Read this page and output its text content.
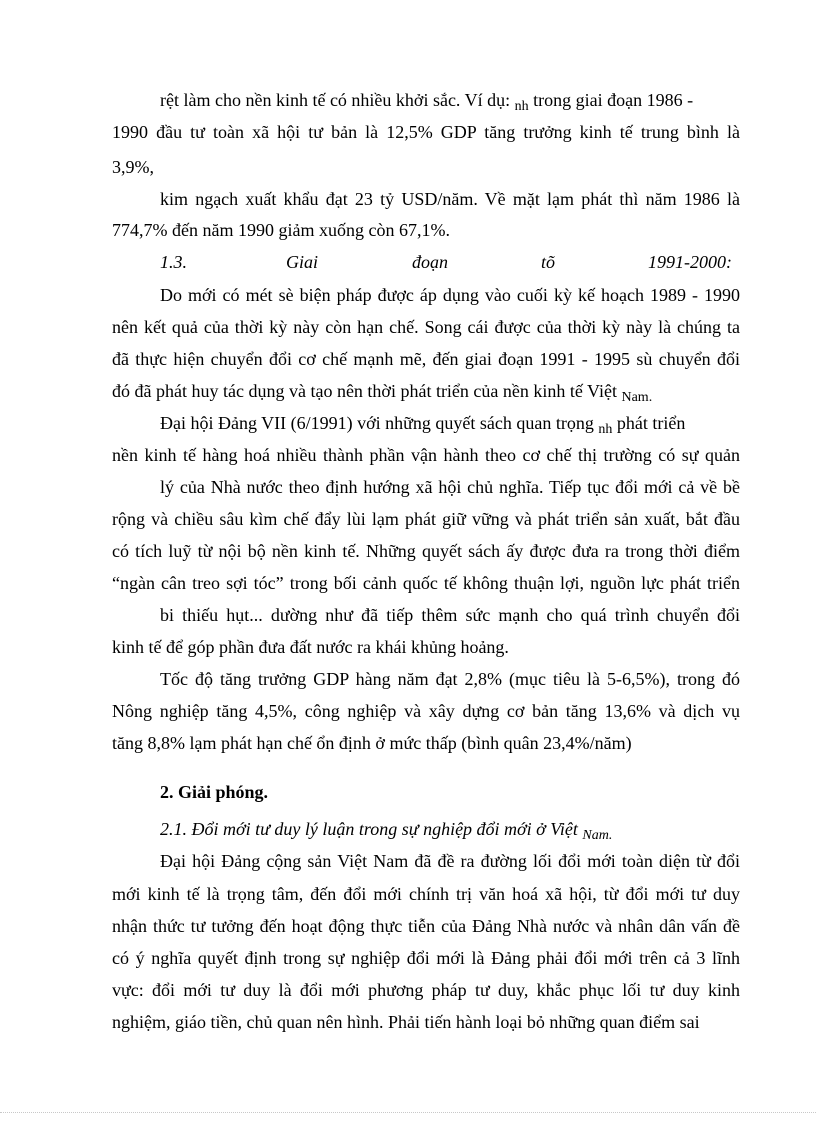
rệt làm cho nền kinh tế có nhiều khởi sắc. Ví dụ: $_{nh}$ trong giai đoạn 1986 -
1990 đầu tư toàn xã hội tư bản là 12,5% GDP tăng trưởng kinh tế trung bình là
3,9%,
kim ngạch xuất khẩu đạt 23 tỷ USD/năm. Về mặt lạm phát thì năm 1986 là
774,7% đến năm 1990 giảm xuống còn 67,1%.
1.3.	Giai	đoạn	tõ	1991-2000:
Do mới có mét sè biện pháp được áp dụng vào cuối kỳ kế hoạch 1989 - 1990
nên kết quả của thời kỳ này còn hạn chế. Song cái được của thời kỳ này là chúng ta
đã thực hiện chuyển đổi cơ chế mạnh mẽ, đến giai đoạn 1991 - 1995 sù chuyển đổi
đó đã phát huy tác dụng và tạo nên thời phát triển của nền kinh tế Việt $_{Nam.}$
Đại hội Đảng VII (6/1991) với những quyết sách quan trọng $_{nh}$ phát triển
nền kinh tế hàng hoá nhiều thành phần vận hành theo cơ chế thị trường có sự quản
lý của Nhà nước theo định hướng xã hội chủ nghĩa. Tiếp tục đổi mới cả về bề
rộng và chiều sâu kìm chế đẩy lùi lạm phát giữ vững và phát triển sản xuất, bắt đầu
có tích luỹ từ nội bộ nền kinh tế. Những quyết sách ấy được đưa ra trong thời điểm
“ngàn cân treo sợi tóc” trong bối cảnh quốc tế không thuận lợi, nguồn lực phát triển
bi thiếu hụt... dường như đã tiếp thêm sức mạnh cho quá trình chuyển đổi
kinh tế để góp phần đưa đất nước ra khái khủng hoảng.
Tốc độ tăng trưởng GDP hàng năm đạt 2,8% (mục tiêu là 5-6,5%), trong đó
Nông nghiệp tăng 4,5%, công nghiệp và xây dựng cơ bản tăng 13,6% và dịch vụ
tăng 8,8% lạm phát hạn chế ổn định ở mức thấp (bình quân 23,4%/năm)
2. Giải phóng.
2.1. Đổi mới tư duy lý luận trong sự nghiệp đổi mới ở Việt $_{Nam.}$
Đại hội Đảng cộng sản Việt Nam đã đề ra đường lối đổi mới toàn diện từ đổi
mới kinh tế là trọng tâm, đến đổi mới chính trị văn hoá xã hội, từ đổi mới tư duy
nhận thức tư tưởng đến hoạt động thực tiễn của Đảng Nhà nước và nhân dân vấn đề
có ý nghĩa quyết định trong sự nghiệp đổi mới là Đảng phải đổi mới trên cả 3 lĩnh
vực: đổi mới tư duy là đổi mới phương pháp tư duy, khắc phục lối tư duy kinh
nghiệm, giáo tiền, chủ quan nên hình. Phải tiến hành loại bỏ những quan điểm sai
